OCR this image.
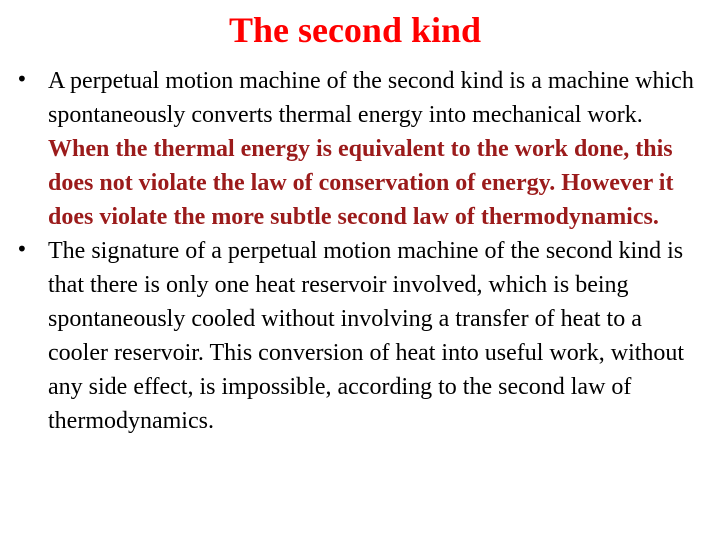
The second kind
• A perpetual motion machine of the second kind is a machine which spontaneously converts thermal energy into mechanical work. When the thermal energy is equivalent to the work done, this does not violate the law of conservation of energy. However it does violate the more subtle second law of thermodynamics.
• The signature of a perpetual motion machine of the second kind is that there is only one heat reservoir involved, which is being spontaneously cooled without involving a transfer of heat to a cooler reservoir. This conversion of heat into useful work, without any side effect, is impossible, according to the second law of thermodynamics.
